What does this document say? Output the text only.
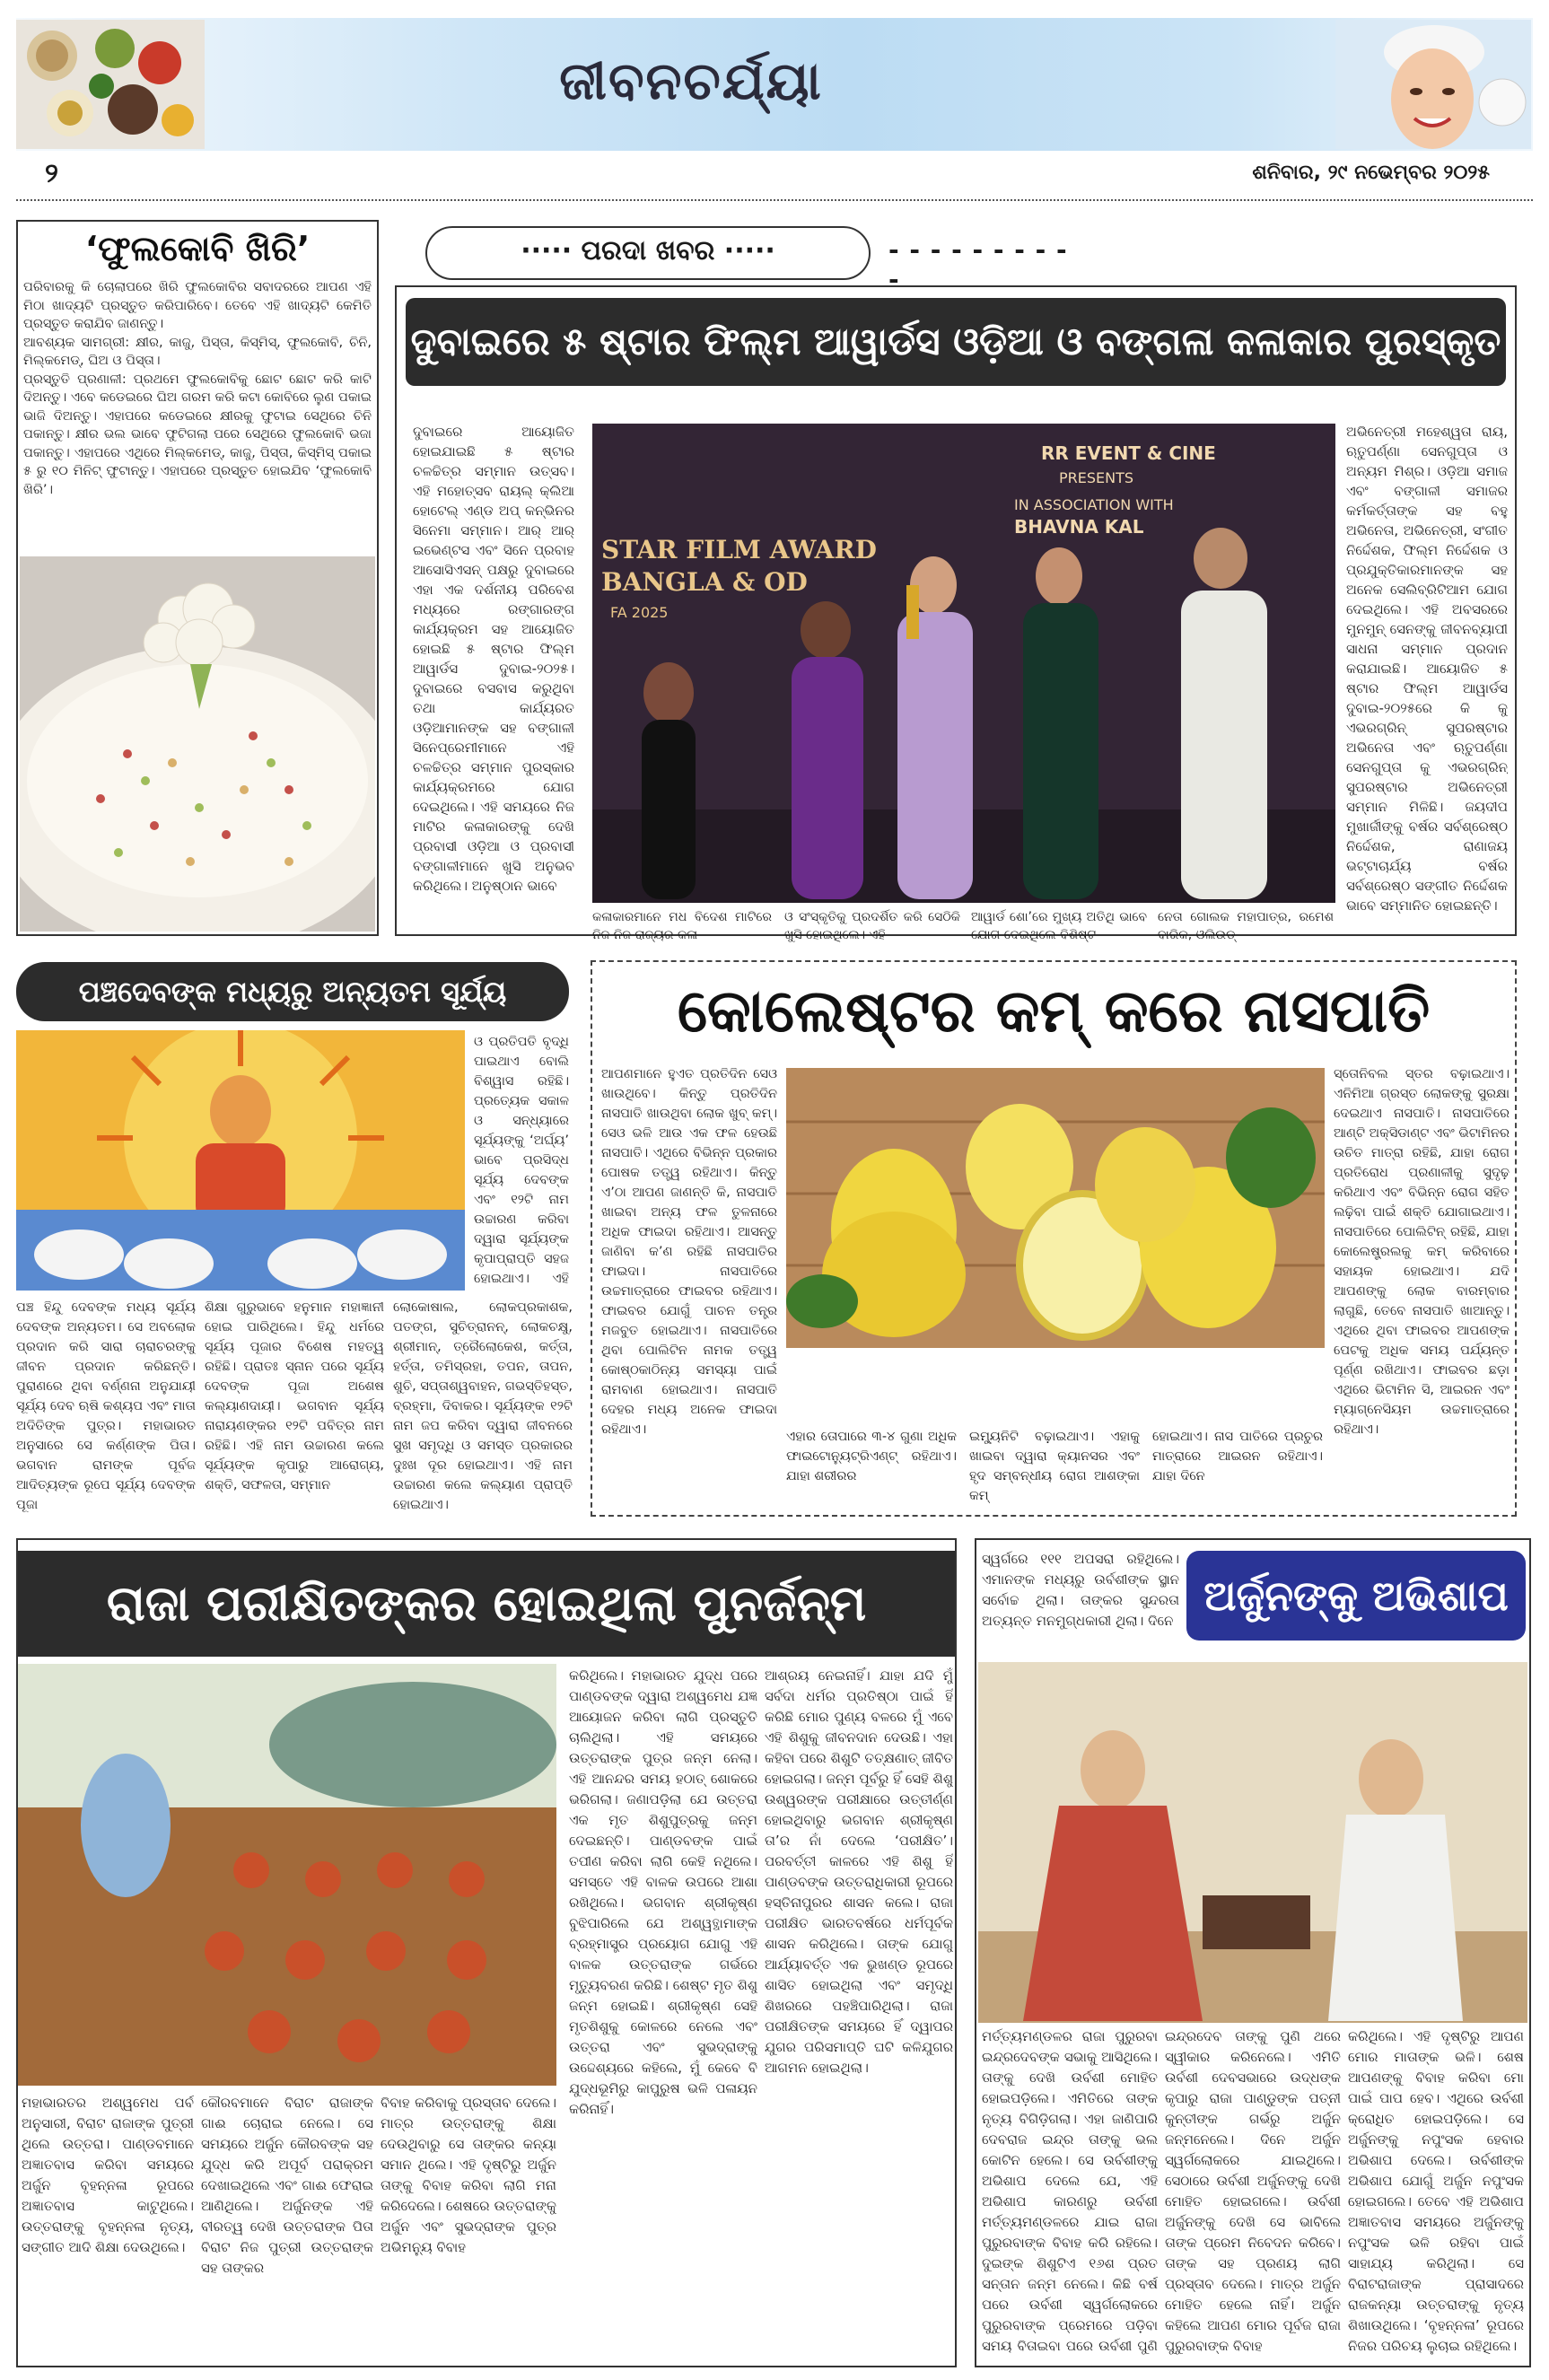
ଜୀବନଚର୍ଯ୍ୟା
୨	ଶନିବାର, ୨୯ ନଭେମ୍ବର ୨୦୨୫
‘ଫୁଲକୋବି ଖିରି’

ପରିବାରକୁ କି ଚୋଲାପରେ ଖିରି ଫୁଲକୋବିର ସବାଦରରେ ଆପଣ ଏହି ମିଠା ଖାଦ୍ୟଟି ପ୍ରସ୍ତୁତ କରିପାରିବେ। ତେବେ ଏହି ଖାଦ୍ୟଟି କେମିତି ପ୍ରସ୍ତୁତ କରାଯିବ ଜାଣନ୍ତୁ।

ଆବଶ୍ୟକ ସାମଗ୍ରୀ: କ୍ଷୀର, କାଜୁ, ପିସ୍ତା, କିସ୍ମିସ୍, ଫୁଲକୋବି, ଚିନି, ମିଲ୍କମେଡ୍, ଘିଅ ଓ ପିସ୍ତା।

ପ୍ରସ୍ତୁତି ପ୍ରଣାଳୀ: ପ୍ରଥମେ ଫୁଲକୋବିକୁ ଛୋଟ ଛୋଟ କରି କାଟି ଦିଅନ୍ତୁ। ଏବେ କଡେଇରେ ଘିଅ ଗରମ କରି କଟା କୋବିରେ ଲୁଣ ପକାଇ ଭାଜି ଦିଅନ୍ତୁ। ଏହାପରେ କଡେଇରେ କ୍ଷୀରକୁ ଫୁଟାଇ ସେଥିରେ ଚିନି ପକାନ୍ତୁ। କ୍ଷୀର ଭଲ ଭାବେ ଫୁଟିଗଲା ପରେ ସେଥିରେ ଫୁଲକୋବି ଭଜା ପକାନ୍ତୁ। ଏହାପରେ ଏଥିରେ ମିଲ୍କମେଡ୍, କାଜୁ, ପିସ୍ତା, କିସ୍ମିସ୍ ପକାଇ ୫ ରୁ ୧୦ ମିନିଟ୍ ଫୁଟାନ୍ତୁ। ଏହାପରେ ପ୍ରସ୍ତୁତ ହୋଇଯିବ ‘ଫୁଲକୋବି ଖିରି’।

····· ପରଦା ଖବର ·····	- - - - - - - - - -
ଦୁବାଇରେ ୫ ଷ୍ଟାର ଫିଲ୍ମ ଆୱାର୍ଡସ ଓଡ଼ିଆ ଓ ବଙ୍ଗଳା କଳାକାର ପୁରସ୍କୃତ
ଦୁବାଇରେ ଆୟୋଜିତ ହୋଇଯାଇଛି ୫ ଷ୍ଟାର ଚଳଚ୍ଚିତ୍ର ସମ୍ମାନ ଉତ୍ସବ। ଏହି ମହୋତ୍ସବ ରାୟଲ୍ କ୍ଲିଆ ହୋଟେଲ୍ ଏଣ୍ଡ ଅପ୍ କନ୍ଭିନର ସିନେମା ସମ୍ମାନ। ଆର୍ ଆର୍ ଇଭେଣ୍ଟସ ଏବଂ ସିନେ ପ୍ରବାହ ଆସୋସିଏସନ୍ ପକ୍ଷରୁ ଦୁବାଇରେ ଏହା ଏକ ଦର୍ଶନୀୟ ପରିବେଶ ମଧ୍ୟରେ ରଙ୍ଗାରଙ୍ଗ କାର୍ଯ୍ୟକ୍ରମ ସହ ଆୟୋଜିତ ହୋଇଛି ୫ ଷ୍ଟାର ଫିଲ୍ମ ଆୱାର୍ଡସ ଦୁବାଇ-୨୦୨୫। ଦୁବାଇରେ ବସବାସ କରୁଥିବା ତଥା କାର୍ଯ୍ୟରତ ଓଡ଼ିଆମାନଙ୍କ ସହ ବଙ୍ଗାଳୀ ସିନେପ୍ରେମୀମାନେ ଏହି ଚଳଚ୍ଚିତ୍ର ସମ୍ମାନ ପୁରସ୍କାର କାର୍ଯ୍ୟକ୍ରମରେ ଯୋଗ ଦେଇଥିଲେ। ଏହି ସମୟରେ ନିଜ ମାଟିର କଳାକାରଙ୍କୁ ଦେଖି ପ୍ରବାସୀ ଓଡ଼ିଆ ଓ ପ୍ରବାସୀ ବଙ୍ଗାଳୀମାନେ ଖୁସି ଅନୁଭବ କରିଥିଲେ। ଅନୁଷ୍ଠାନ ଭାବେ
RR EVENT & CINE
PRESENTS
IN ASSOCIATION WITH
BHAVNA KAL
STAR FILM AWARD
BANGLA & OD
FA 2025
କଳାକାରମାନେ ମଧ ବିଦେଶ ମାଟିରେ ନିଜ ନିଜ ରାଜ୍ୟର କଳା
ଓ ସଂସ୍କୃତିକୁ ପ୍ରଦର୍ଶିତ କରି ସେଠିକି ଖୁସି ହୋଇଥିଲେ। ଏହି
ଆୱାର୍ଡ ଶୋ’ରେ ମୁଖ୍ୟ ଅତିଥି ଭାବେ ଯୋଗ ଦେଇଥିଲେ ବିଶିଷ୍ଟ
ନେତା ଗୋଲକ ମହାପାତ୍ର, ରମେଶ ବାରିକ, ଓଲିଉଡ୍
ଅଭିନେତ୍ରୀ ମହେଶ୍ୱତା ରାୟ, ଋତୁପର୍ଣ୍ଣା ସେନଗୁପ୍ତା ଓ ଅନ୍ୟମ ମିଶ୍ର। ଓଡ଼ିଆ ସମାଜ ଏବଂ ବଙ୍ଗାଳୀ ସମାଜର କର୍ମକର୍ତ୍ତାଙ୍କ ସହ ବହୁ ଅଭିନେତା, ଅଭିନେତ୍ରୀ, ସଂଗୀତ ନିର୍ଦ୍ଦେଶକ, ଫିଲ୍ମ ନିର୍ଦ୍ଦେଶକ ଓ ପ୍ରଯୁକ୍ତିକାରମାନଙ୍କ ସହ ଅନେକ ସେଲିବ୍ରିଟିଆମ ଯୋଗ ଦେଇଥିଲେ। ଏହି ଅବସରରେ ମୁନମୁନ୍ ସେନଙ୍କୁ ଜୀବନବ୍ୟାପୀ ସାଧନା ସମ୍ମାନ ପ୍ରଦାନ କରାଯାଇଛି। ଆୟୋଜିତ ୫ ଷ୍ଟାର ଫିଲ୍ମ ଆୱାର୍ଡସ ଦୁବାଇ-୨୦୨୫ରେ କି କୁ ଏଭରଗ୍ରିନ୍ ସୁପରଷ୍ଟାର ଅଭିନେତା ଏବଂ ଋତୁପର୍ଣ୍ଣା ସେନଗୁପ୍ତା କୁ ଏଭରଗ୍ରିନ୍ ସୁପରଷ୍ଟାର ଅଭିନେତ୍ରୀ ସମ୍ମାନ ମିଳିଛି। ଜୟଦୀପ ମୁଖାର୍ଜୀଙ୍କୁ ବର୍ଷର ସର୍ବଶ୍ରେଷ୍ଠ ନିର୍ଦ୍ଦେଶକ, ରାଣାଜୟ ଭଟ୍ଟାଚାର୍ଯ୍ୟ ବର୍ଷର ସର୍ବଶ୍ରେଷ୍ଠ ସଙ୍ଗୀତ ନିର୍ଦ୍ଦେଶକ ଭାବେ ସମ୍ମାନିତ ହୋଇଛନ୍ତି।
ପଞ୍ଚଦେବଙ୍କ ମଧ୍ୟରୁ ଅନ୍ୟତମ ସୂର୍ଯ୍ୟ
ଓ ପ୍ରତିପତି ବୃଦ୍ଧି ପାଇଥାଏ ବୋଲି ବିଶ୍ୱାସ ରହିଛି। ପ୍ରତ୍ୟେକ ସକାଳ ଓ ସନ୍ଧ୍ୟାରେ ସୂର୍ଯ୍ୟଙ୍କୁ ‘ଅର୍ଘ୍ୟ’ ଭାବେ ପ୍ରସିଦ୍ଧ ସୂର୍ଯ୍ୟ ଦେବଙ୍କ ଏବଂ ୧୨ଟି ନାମ ଉଚ୍ଚାରଣ କରିବା ଦ୍ୱାରା ସୂର୍ଯ୍ୟଙ୍କ କୃପାପ୍ରାପ୍ତି ସହଜ ହୋଇଥାଏ। ଏହି
ପଞ୍ଚ ହିନ୍ଦୁ ଦେବଙ୍କ ମଧ୍ୟ ସୂର୍ଯ୍ୟ ଦେବଙ୍କ ଅନ୍ୟତମ। ସେ ଅବଲୋକ ପ୍ରଦାନ କରି ସାରା ଚାରାଚରଙ୍କୁ ଜୀବନ ପ୍ରଦାନ କରିଛନ୍ତି। ପୁରାଣରେ ଥିବା ବର୍ଣ୍ଣନା ଅନୁଯାୟୀ ସୂର୍ଯ୍ୟ ଦେବ ଋଷି କଶ୍ୟପ ଏବଂ ମାତା ଅଦିତିଙ୍କ ପୁତ୍ର। ମହାଭାରତ ଅନୁସାରେ ସେ କର୍ଣ୍ଣଙ୍କ ପିତା। ଭଗବାନ ରାମଙ୍କ ପୂର୍ବଜ ଆଦିତ୍ୟଙ୍କ ରୂପେ ସୂର୍ଯ୍ୟ ଦେବଙ୍କ ପୂଜା
ଶିକ୍ଷା ଗୁରୁଭାବେ ହନୁମାନ ମହାଜ୍ଞାନୀ ହୋଇ ପାରିଥିଲେ। ହିନ୍ଦୁ ଧର୍ମରେ ସୂର୍ଯ୍ୟ ପୂଜାର ବିଶେଷ ମହତ୍ୱ ରହିଛି। ପ୍ରାତଃ ସ୍ନାନ ପରେ ସୂର୍ଯ୍ୟ ଦେବଙ୍କ ପୂଜା ଅଶେଷ କଲ୍ୟାଣଦାୟୀ। ଭଗବାନ ସୂର୍ଯ୍ୟ ନାରାୟଣଙ୍କର ୧୨ଟି ପବିତ୍ର ନାମ ରହିଛି। ଏହି ନାମ ଉଚ୍ଚାରଣ କଲେ ସୂର୍ଯ୍ୟଙ୍କ କୃପାରୁ ଆରୋଗ୍ୟ, ଶକ୍ତି, ସଫଳତା, ସମ୍ମାନ
ଲୋକୋଷାଲ, ଲୋକପ୍ରକାଶକ, ପତଙ୍ଗ, ସୁଚିତ୍ରାନନ୍, ଲୋକଚକ୍ଷୁ, ଶ୍ରୀମାନ୍, ତ୍ରୈଲୋକେଶ, କର୍ତ୍ତା, ହର୍ତ୍ତା, ତମିସ୍ରହା, ତପନ, ତାପନ, ଶୁଚି, ସପ୍ତାଶ୍ୱବାହନ, ଗଭସ୍ତିହସ୍ତ, ବ୍ରହ୍ମା, ଦିବାକର। ସୂର୍ଯ୍ୟଙ୍କ ୧୨ଟି ନାମ ଜପ କରିବା ଦ୍ୱାରା ଜୀବନରେ ସୁଖ ସମୃଦ୍ଧି ଓ ସମସ୍ତ ପ୍ରକାରର ଦୁଃଖ ଦୂର ହୋଇଥାଏ। ଏହି ନାମ ଉଚ୍ଚାରଣ କଲେ କଲ୍ୟାଣ ପ୍ରାପ୍ତି ହୋଇଥାଏ।
କୋଲେଷ୍ଟର କମ୍ କରେ ନାସପାତି
ଆପଣମାନେ ହୁଏତ ପ୍ରତିଦିନ ସେଓ ଖାଉଥିବେ। କିନ୍ତୁ ପ୍ରତିଦିନ ନାସପାତି ଖାଉଥିବା ଲୋକ ଖୁବ୍ କମ୍। ସେଓ ଭଳି ଆଉ ଏକ ଫଳ ହେଉଛି ନାସପାତି। ଏଥିରେ ବିଭିନ୍ନ ପ୍ରକାର ପୋଷକ ତତ୍ତ୍ୱ ରହିଥାଏ। କିନ୍ତୁ ଏ’ଠା ଆପଣ ଜାଣନ୍ତି କି, ନାସପାତି ଖାଇବା ଅନ୍ୟ ଫଳ ତୁଳନାରେ ଅଧିକ ଫାଇଦା ରହିଥାଏ। ଆସନ୍ତୁ ଜାଣିବା କ’ଣ ରହିଛି ନାସପାତିର ଫାଇଦା। ନାସପାତିରେ ଉଚ୍ଚମାତ୍ରାରେ ଫାଇବର ରହିଥାଏ। ଫାଇବର ଯୋଗୁଁ ପାଚନ ତନ୍ତ୍ର ମଜବୁତ ହୋଇଥାଏ। ନାସପାତିରେ ଥିବା ପୋଲିଟିନ ନାମକ ତତ୍ତ୍ୱ କୋଷ୍ଠକାଠିନ୍ୟ ସମସ୍ୟା ପାଇଁ ରାମବାଣ ହୋଇଥାଏ। ନାସପାତି ଦେହର ମଧ୍ୟ ଅନେକ ଫାଇଦା ରହିଥାଏ।	ଏହାର ତୋପାରେ ୩-୪ ଗୁଣା ଅଧିକ ଫାଇଟୋନ୍ୟୁଟ୍ରିଏଣ୍ଟ୍ ରହିଥାଏ। ଯାହା ଶରୀରର
ଇମ୍ୟୁନିଟି ବଢ଼ାଇଥାଏ। ଏହାକୁ ଖାଇବା ଦ୍ୱାରା କ୍ୟାନସର ଏବଂ ହୃଦ ସମ୍ବନ୍ଧୀୟ ରୋଗ ଆଶଙ୍କା କମ୍
ହୋଇଥାଏ। ନାସ ପାତିରେ ପ୍ରଚୁର ମାତ୍ରାରେ ଆଇରନ ରହିଥାଏ। ଯାହା ଦିନେ
ସ୍ତୋନିବଲ ସ୍ତର ବଢ଼ାଇଥାଏ। ଏନିମିଆ ଗ୍ରସ୍ତ ଲୋକଙ୍କୁ ସୁରକ୍ଷା ଦେଇଥାଏ ନାସପାତି। ନାସପାତିରେ ଆଣ୍ଟି ଅକ୍ସିଡାଣ୍ଟ ଏବଂ ଭିଟାମିନର ଉଚିତ ମାତ୍ରା ରହିଛି, ଯାହା ରୋଗ ପ୍ରତିରୋଧ ପ୍ରଣାଳୀକୁ ସୁଦୃଢ଼ କରିଥାଏ ଏବଂ ବିଭିନ୍ନ ରୋଗ ସହିତ ଲଢ଼ିବା ପାଇଁ ଶକ୍ତି ଯୋଗାଇଥାଏ। ନାସପାତିରେ ପୋଲିଟିନ୍ ରହିଛି, ଯାହା କୋଲେଷ୍ଟ୍ରଲକୁ କମ୍ କରିବାରେ ସହାୟକ ହୋଇଥାଏ। ଯଦି ଆପଣଙ୍କୁ ଲୋକ ବାରମ୍ବାର ଲାଗୁଛି, ତେବେ ନାସପାତି ଖାଆନ୍ତୁ। ଏଥିରେ ଥିବା ଫାଇବର ଆପଣଙ୍କ ପେଟକୁ ଅଧିକ ସମୟ ପର୍ଯ୍ୟନ୍ତ ପୂର୍ଣ୍ଣ ରଖିଥାଏ। ଫାଇବର ଛଡ଼ା ଏଥିରେ ଭିଟାମିନ ସି, ଆଇରନ ଏବଂ ମ୍ୟାଗ୍ନେସିୟମ ଉଚ୍ଚମାତ୍ରାରେ ରହିଥାଏ।
ରାଜା ପରୀକ୍ଷିତଙ୍କର ହୋଇଥିଲା ପୁନର୍ଜନ୍ମ
କରିଥିଲେ। ମହାଭାରତ ଯୁଦ୍ଧ ପରେ ପାଣ୍ଡବଙ୍କ ଦ୍ୱାରା ଅଶ୍ୱମେଧ ଯଜ୍ଞ ଆୟୋଜନ କରିବା ଲାଗି ପ୍ରସ୍ତୁତି ଚାଲିଥିଲା। ଏହି ସମୟରେ ଉତ୍ତରାଙ୍କ ପୁତ୍ର ଜନ୍ମ ନେଲା। ଏହି ଆନନ୍ଦର ସମୟ ହଠାତ୍ ଶୋକରେ ଭରିଗଲା। ଜଣାପଡ଼ିଲା ଯେ ଉତ୍ତରା ଏକ ମୃତ ଶିଶୁପୁତ୍ରକୁ ଜନ୍ମ ଦେଇଛନ୍ତି। ପାଣ୍ଡବଙ୍କ ପାଇଁ ତପୀଣ କରିବା ଲାଗି କେହି ନଥିଲେ। ସମସ୍ତେ ଏହି ବାଳକ ଉପରେ ଆଶା ରଖିଥିଲେ। ଭଗବାନ ଶ୍ରୀକୃଷ୍ଣ ବୁଝିପାରିଲେ ଯେ ଅଶ୍ୱତ୍ଥାମାଙ୍କ ବ୍ରହ୍ମାସ୍ତ୍ର ପ୍ରୟୋଗ ଯୋଗୁ ଏହି ବାଳକ ଉତ୍ତରାଙ୍କ ଗର୍ଭରେ ମୃତ୍ୟୁବରଣ କରିଛି। ଶେଷ୍ଟ ମୃତ ଶିଶୁ ଜନ୍ମ ହୋଇଛି। ଶ୍ରୀକୃଷ୍ଣ ସେହି ମୃତଶିଶୁକୁ କୋଳରେ ନେଲେ ଏବଂ ଉତ୍ତରା ଏବଂ ସୁଭଦ୍ରାଙ୍କୁ ଉଦ୍ଦେଶ୍ୟରେ କହିଲେ, ମୁଁ କେବେ ବି ଯୁଦ୍ଧଭୂମିରୁ କାପୁରୁଷ ଭଳି ପଳାୟନ କରିନାହିଁ।
ଆଶ୍ରୟ ନେଇନାହିଁ। ଯାହା ଯଦି ମୁଁ ସର୍ବଦା ଧର୍ମର ପ୍ରତିଷ୍ଠା ପାଇଁ ହିଁ କରିଛି ମୋର ପୁଣ୍ୟ ବଳରେ ମୁଁ ଏବେ ଏହି ଶିଶୁକୁ ଜୀବନଦାନ ଦେଉଛି। ଏହା କହିବା ପରେ ଶିଶୁଟି ତତ୍କ୍ଷଣାତ୍ ଜୀବିତ ହୋଇଗଲା। ଜନ୍ମ ପୂର୍ବରୁ ହିଁ ସେହି ଶିଶୁ ଉଶ୍ୱରଙ୍କ ପରୀକ୍ଷାରେ ଉତ୍ତୀର୍ଣ୍ଣ ହୋଇଥିବାରୁ ଭଗବାନ ଶ୍ରୀକୃଷ୍ଣ ତା’ର ନାଁ ଦେଲେ ‘ପରୀକ୍ଷିତ’। ପରବର୍ତ୍ତୀ କାଳରେ ଏହି ଶିଶୁ ହିଁ ପାଣ୍ଡବଙ୍କ ଉତ୍ତରାଧିକାରୀ ରୂପରେ ହସ୍ତିନାପୁରର ଶାସନ କଲେ। ରାଜା ପରୀକ୍ଷିତ ଭାରତବର୍ଷରେ ଧର୍ମପୂର୍ବକ ଶାସନ କରିଥିଲେ। ତାଙ୍କ ଯୋଗୁ ଆର୍ଯ୍ୟାବର୍ତ୍ତ ଏକ ଭୁଖଣ୍ଡ ରୂପରେ ଶାସିତ ହୋଇଥିଲା ଏବଂ ସମୃଦ୍ଧି ଶିଖରରେ ପହଞ୍ଚିପାରିଥିଲା। ରାଜା ପରୀକ୍ଷିତଙ୍କ ସମୟରେ ହିଁ ଦ୍ୱାପର ଯୁଗର ପରିସମାପ୍ତି ଘଟି କଳିଯୁଗର ଆଗମନ ହୋଇଥିଲା।
ମହାଭାରତର ଅଶ୍ୱମେଧ ପର୍ବ ଅନୁସାରୀ, ବିରାଟ ରାଜାଙ୍କ ପୁତ୍ରୀ ଥିଲେ ଉତ୍ତରା। ପାଣ୍ଡବମାନେ ଅଜ୍ଞାତବାସ କରିବା ସମୟରେ ଅର୍ଜୁନ ବୃହନ୍ନଳା ରୂପରେ ଅଜ୍ଞାତବାସ କାଟୁଥିଲେ। ଉତ୍ତରାଙ୍କୁ ବୃହନ୍ନଳା ନୃତ୍ୟ, ସଙ୍ଗୀତ ଆଦି ଶିକ୍ଷା ଦେଉଥିଲେ।
କୌରବମାନେ ବିରାଟ ରାଜାଙ୍କ ଗାଈ ଚୋରାଇ ନେଲେ। ସେ ସମୟରେ ଅର୍ଜୁନ କୌରବଙ୍କ ସହ ଯୁଦ୍ଧ କରି ଅପୂର୍ବ ପରାକ୍ରମ ଦେଖାଇଥିଲେ ଏବଂ ଗାଈ ଫେରାଇ ଆଣିଥିଲେ। ଅର୍ଜୁନଙ୍କ ଏହି ବୀରତ୍ୱ ଦେଖି ଉତ୍ତରାଙ୍କ ପିତା ବିରାଟ ନିଜ ପୁତ୍ରୀ ଉତ୍ତରାଙ୍କ ସହ ତାଙ୍କର
ବିବାହ କରିବାକୁ ପ୍ରସ୍ତାବ ଦେଲେ। ମାତ୍ର ଉତ୍ତରାଙ୍କୁ ଶିକ୍ଷା ଦେଉଥିବାରୁ ସେ ତାଙ୍କର କନ୍ୟା ସମାନ ଥିଲେ। ଏହି ଦୃଷ୍ଟିରୁ ଅର୍ଜୁନ ତାଙ୍କୁ ବିବାହ କରିବା ଲାଗି ମନା କରିଦେଲେ। ଶେଷରେ ଉତ୍ତରାଙ୍କୁ ଅର୍ଜୁନ ଏବଂ ସୁଭଦ୍ରାଙ୍କ ପୁତ୍ର ଅଭିମନ୍ୟୁ ବିବାହ
ସ୍ୱର୍ଗରେ ୧୧୧ ଅପସରା ରହିଥିଲେ। ଏମାନଙ୍କ ମଧ୍ୟରୁ ଉର୍ବଶୀଙ୍କ ସ୍ଥାନ ସର୍ବୋଚ୍ଚ ଥିଲା। ତାଙ୍କର ସୁନ୍ଦରତା ଅତ୍ୟନ୍ତ ମନମୁଗ୍ଧକାରୀ ଥିଲା। ଦିନେ
ଅର୍ଜୁନଙ୍କୁ ଅଭିଶାପ
ମର୍ତ୍ତ୍ୟମଣ୍ଡଳର ରାଜା ପୁରୁରବା ଇନ୍ଦ୍ରଦେବଙ୍କ ସଭାକୁ ଆସିଥିଲେ। ତାଙ୍କୁ ଦେଖି ଉର୍ବଶୀ ମୋହିତ ହୋଇପଡ଼ିଲେ। ଏମିତିରେ ତାଙ୍କ ନୃତ୍ୟ ବିଗିଡ଼ିଗଲା। ଏହା ଜାଣିପାରି ଦେବରାଜ ଇନ୍ଦ୍ର ତାଙ୍କୁ ଭଲ କୋଟିନ ହେଲେ। ସେ ଉର୍ବଶୀଙ୍କୁ ଅଭିଶାପ ଦେଲେ ଯେ, ଏହି ଅଭିଶାପ କାରଣରୁ ଉର୍ବଶୀ ମର୍ତ୍ତ୍ୟମଣ୍ଡଳରେ ଯାଇ ରାଜା ପୁରୁରବାଙ୍କ ବିବାହ କରି ରହିଲେ। ଦୁଇଙ୍କ ଶିଶୁଟିଏ ୧୬ଶ ପ୍ରତ ସନ୍ତାନ ଜନ୍ମ ନେଲେ। କିଛି ବର୍ଷ ପରେ ଉର୍ବଶୀ ସ୍ୱର୍ଗଲୋକରେ ପୁରୁରବାଙ୍କ ପ୍ରେମରେ ପଡ଼ିବା ସମୟ ବିତାଇବା ପରେ ଉର୍ବଶୀ ପୁଣି
ଇନ୍ଦ୍ରଦେବ ତାଙ୍କୁ ପୁଣି ଥରେ ସ୍ୱୀକାର କରିନେଲେ। ଏମିତି ଉର୍ବଶୀ ଦେବସଭାରେ ଉଦ୍ଧଙ୍କ କୃପାରୁ ରାଜା ପାଣ୍ଡୁଙ୍କ ପତ୍ନୀ କୁନ୍ତୀଙ୍କ ଗର୍ଭରୁ ଅର୍ଜୁନ ଜନ୍ମନେଲେ। ଦିନେ ଅର୍ଜୁନ ସ୍ୱର୍ଗଲୋକରେ ଯାଇଥିଲେ। ସେଠାରେ ଉର୍ବଶୀ ଅର୍ଜୁନଙ୍କୁ ଦେଖି ମୋହିତ ହୋଇଗଲେ। ଉର୍ବଶୀ ଅର୍ଜୁନଙ୍କୁ ଦେଖି ସେ ଭାବିଲେ ତାଙ୍କ ପ୍ରେମ ନିବେଦନ କରିବେ। ତାଙ୍କ ସହ ପ୍ରଣୟ ଲାଗି ପ୍ରସ୍ତାବ ଦେଲେ। ମାତ୍ର ଅର୍ଜୁନ ମୋହିତ ହେଲେ ନାହିଁ। ଅର୍ଜୁନ କହିଲେ ଆପଣ ମୋର ପୂର୍ବଜ ରାଜା ପୁରୁରବାଙ୍କ ବିବାହ
କରିଥିଲେ। ଏହି ଦୃଷ୍ଟିରୁ ଆପଣ ମୋର ମାତାଙ୍କ ଭଳି। ଶେଷ ଆପଣଙ୍କୁ ବିବାହ କରିବା ମୋ ପାଇଁ ପାପ ହେବ। ଏଥିରେ ଉର୍ବଶୀ କ୍ରୋଧିତ ହୋଇପଡ଼ିଲେ। ସେ ଅର୍ଜୁନଙ୍କୁ ନପୁଂସକ ହେବାର ଅଭିଶାପ ଦେଲେ। ଉର୍ବଶୀଙ୍କ ଅଭିଶାପ ଯୋଗୁଁ ଅର୍ଜୁନ ନପୁଂସକ ହୋଇଗଲେ। ତେବେ ଏହି ଅଭିଶାପ ଅଜ୍ଞାତବାସ ସମୟରେ ଅର୍ଜୁନଙ୍କୁ ନପୁଂସକ ଭଳି ରହିବା ପାଇଁ ସାହାଯ୍ୟ କରିଥିଲା। ସେ ବିରାଟରାଜାଙ୍କ ପ୍ରାସାଦରେ ରାଜକନ୍ୟା ଉତ୍ତରାଙ୍କୁ ନୃତ୍ୟ ଶିଖାଉଥିଲେ। ‘ବୃହନ୍ନଳା’ ରୂପରେ ନିଜର ପରିଚୟ ଲୁଚାଇ ରହିଥିଲେ।
